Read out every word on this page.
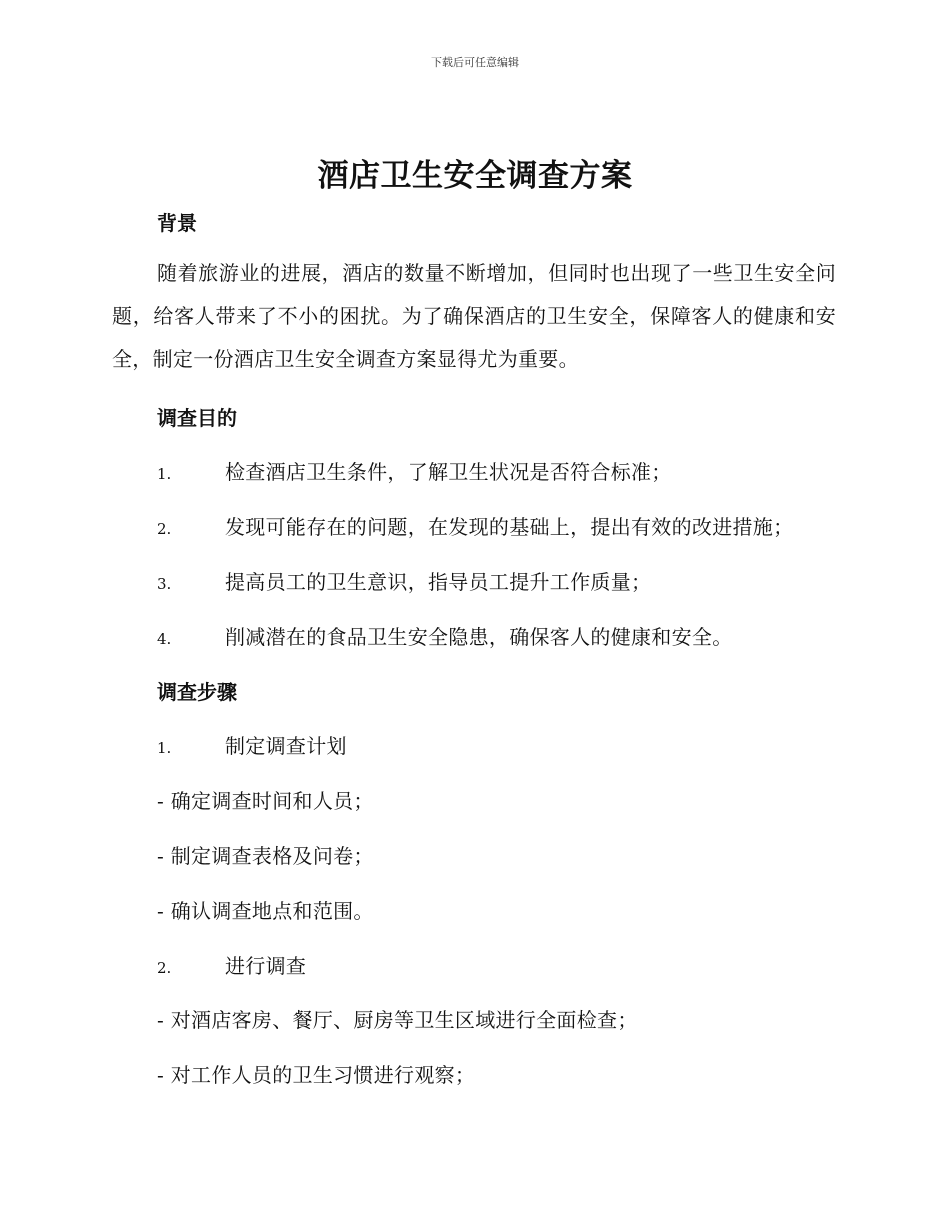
下载后可任意编辑
酒店卫生安全调查方案
背景
随着旅游业的进展，酒店的数量不断增加，但同时也出现了一些卫生安全问题，给客人带来了不小的困扰。为了确保酒店的卫生安全，保障客人的健康和安全，制定一份酒店卫生安全调查方案显得尤为重要。
调查目的
1.	检查酒店卫生条件，了解卫生状况是否符合标准；
2.	发现可能存在的问题，在发现的基础上，提出有效的改进措施；
3.	提高员工的卫生意识，指导员工提升工作质量；
4.	削减潜在的食品卫生安全隐患，确保客人的健康和安全。
调查步骤
1.	制定调查计划
- 确定调查时间和人员；
- 制定调查表格及问卷；
- 确认调查地点和范围。
2.	进行调查
- 对酒店客房、餐厅、厨房等卫生区域进行全面检查；
- 对工作人员的卫生习惯进行观察；
